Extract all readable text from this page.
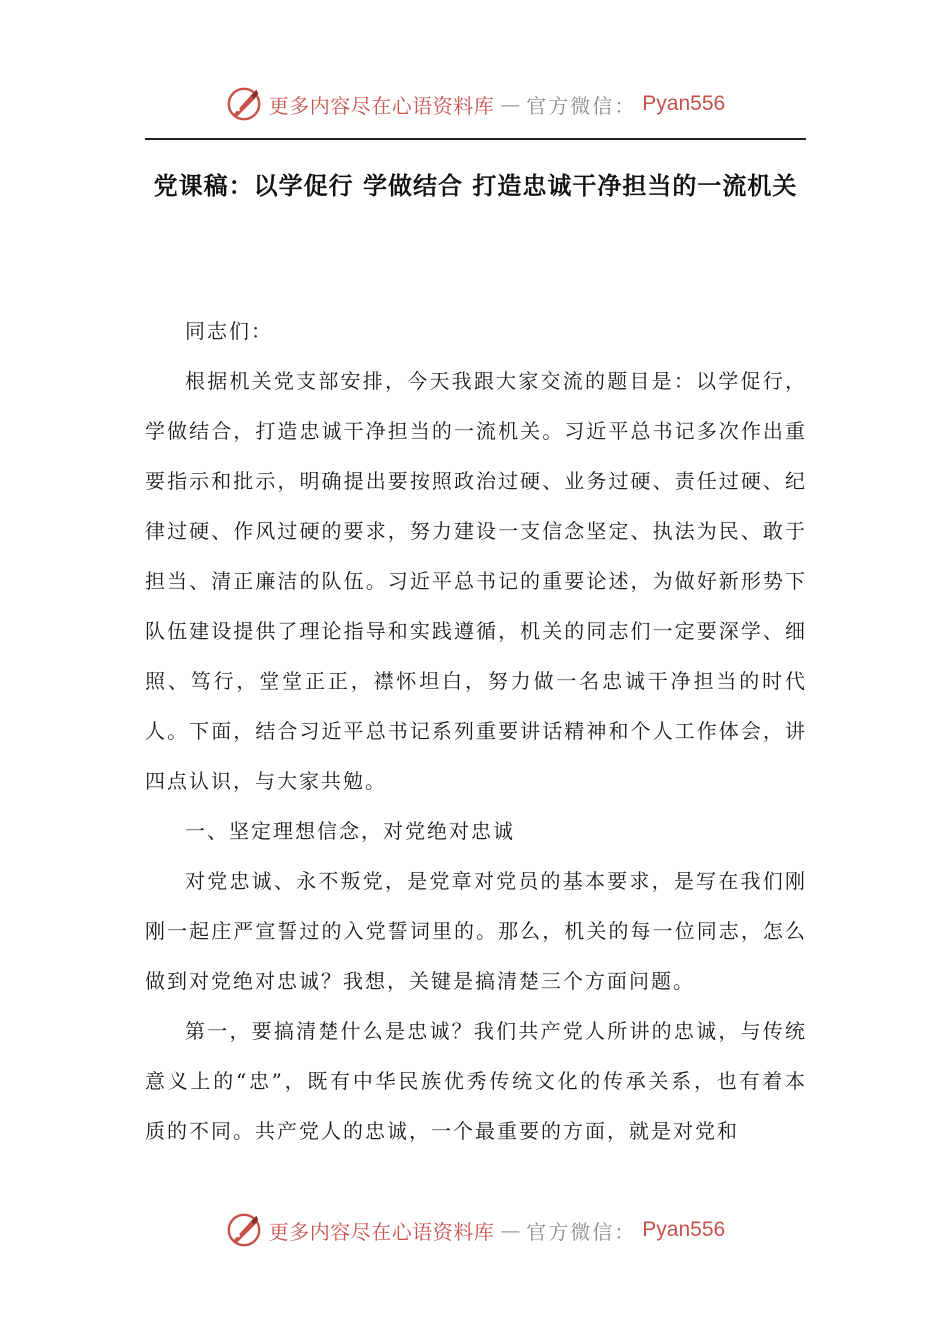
更多内容尽在心语资料库 — 官方微信： Pyan556
党课稿：以学促行 学做结合 打造忠诚干净担当的一流机关

同志们：

根据机关党支部安排，今天我跟大家交流的题目是：以学促行，学做结合，打造忠诚干净担当的一流机关。习近平总书记多次作出重要指示和批示，明确提出要按照政治过硬、业务过硬、责任过硬、纪律过硬、作风过硬的要求，努力建设一支信念坚定、执法为民、敢于担当、清正廉洁的队伍。习近平总书记的重要论述，为做好新形势下队伍建设提供了理论指导和实践遵循，机关的同志们一定要深学、细照、笃行，堂堂正正，襟怀坦白，努力做一名忠诚干净担当的时代人。下面，结合习近平总书记系列重要讲话精神和个人工作体会，讲四点认识，与大家共勉。

一、坚定理想信念，对党绝对忠诚

对党忠诚、永不叛党，是党章对党员的基本要求，是写在我们刚刚一起庄严宣誓过的入党誓词里的。那么，机关的每一位同志，怎么做到对党绝对忠诚？我想，关键是搞清楚三个方面问题。

第一，要搞清楚什么是忠诚？我们共产党人所讲的忠诚，与传统意义上的“忠”，既有中华民族优秀传统文化的传承关系，也有着本质的不同。共产党人的忠诚，一个最重要的方面，就是对党和

更多内容尽在心语资料库 — 官方微信： Pyan556
